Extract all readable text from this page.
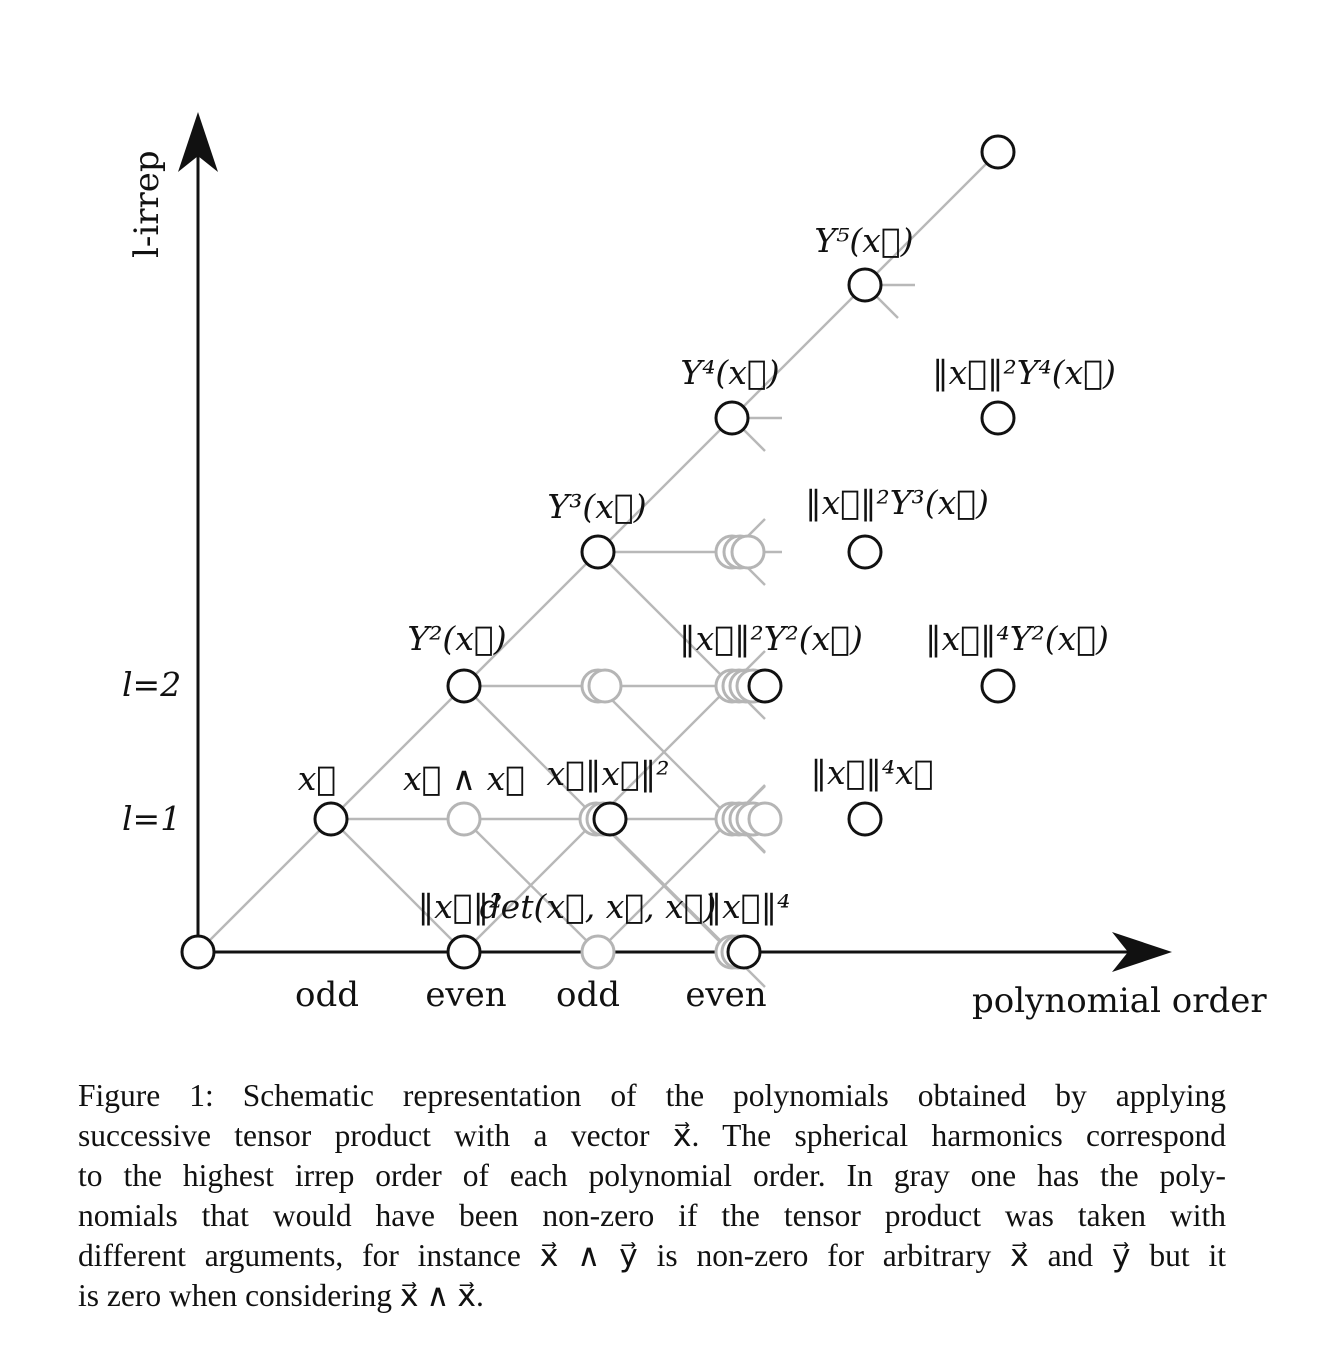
l-irrep
polynomial order
l=1
l=2
odd even odd even
x⃗
‖x⃗‖²
x⃗ ∧ x⃗ x⃗‖x⃗‖²
det(x⃗, x⃗, x⃗)
‖x⃗‖⁴
Y²(x⃗)
Y³(x⃗)
Y⁴(x⃗)
Y⁵(x⃗)
‖x⃗‖²Y²(x⃗)
‖x⃗‖²Y³(x⃗)
‖x⃗‖²Y⁴(x⃗)
‖x⃗‖⁴Y²(x⃗)
‖x⃗‖⁴x⃗

Figure 1: Schematic representation of the polynomials obtained by applying
successive tensor product with a vector x⃗. The spherical harmonics correspond
to the highest irrep order of each polynomial order. In gray one has the poly-
nomials that would have been non-zero if the tensor product was taken with
different arguments, for instance x⃗ ∧ y⃗ is non-zero for arbitrary x⃗ and y⃗ but it
is zero when considering x⃗ ∧ x⃗.
